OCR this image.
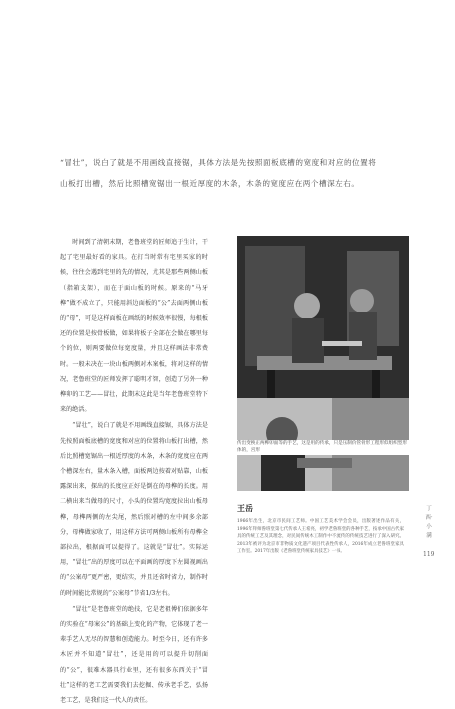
“冒壮”，说白了就是不用画线直接锯，具体方法是先按照面板底槽的宽度和对应的位置将山板打出槽，然后比照槽宽锯出一根近厚度的木条，木条的宽度应在两个槽深左右。

时间到了清朝末期，老鲁班堂的匠师追于生计，干起了宅里最好看的家具。在打当时常有宅里买家的时候，往往会遇到宅里的先的情况，尤其是那些两侧山板（指箱支架），而在于面山板的时候。原来的“马牙榫”做不成立了，只能用斜边面板的“公”去面两侧山板的“母”，可是这样面板在画纸的时候效率很慢，每根板还的位置是按骨板做，如果将板子全部在会做在哪里每个的位，则两要做位每宽度量，并且这样画法非常费时。一般未决在一块山板两侧对木案板，将对这样的情况，老鲁班堂的匠师发挥了聪明才智，创造了另外一种榫卯的工艺——冒壮，此期末这此是当年老鲁班堂特下来的绝活。

“冒壮”，说白了就是不用画线直接锯，具体方法是先按照面板底槽的宽度和对应的位置将山板打出槽，然后比照槽宽锯出一根近厚度的木条，木条的宽度应在两个槽深左右，量木条入槽，面板两边按着对贴靠，山板露深出来，探出的长度应正好是倒在的母榫的长度。用二横出来当做母的尺寸，小头的位置均宽度拉出山板母榫，母榫两侧的左尖尾，然后照对槽的左中间多余部分，母榫做家收了，用这样方法可两侧山板所有母榫全部拉出，根据面可以提得了。这就是“冒壮”。实际运用，“冒壮”出的厚度可以在平面画的厚度下左圆视画出的“公案母”更严密，更结实，并且还省时省力，制作时的时间能比常规的“公案母”节省1/3左右。

“冒壮”是老鲁班堂的绝技，它是老祖傅们依据多年的实验在“母案公”的基础上变化的产物，它体现了老一辈手艺人无尽的智慧和创造能力。时至今日，还有许多木匠并不知道“冒壮”，还是用的可以提升切削面的“公”，很难木器具行业里，还有很多东西关于“冒壮”这样的老工艺需要我们去挖掘、传承老手艺，弘扬老工艺，是我们这一代人的责任。

传出变换正两榫卯面等的手艺，这是用的传承，只是压制价管骨形工程形似组织型形体的，宫形
王岳
1966年出生，北京市民间工艺师。中国工艺美术学会会员，出版著述作品有关，1996年拜师鲁班堂第七代传承人王希亮，初学老鲁班堂的各种手艺，按承中国古代家具的传统工艺及其理念，对民间传统木工制作中不流传的传统技艺进行了深入研究。2013年被评为北京市非物质文化遗产项目代表性传承人，2016年成立老鲁班堂家具工作室。2017年出版《老鲁班堂传统家具技艺》一书。
丁西·小满
119
